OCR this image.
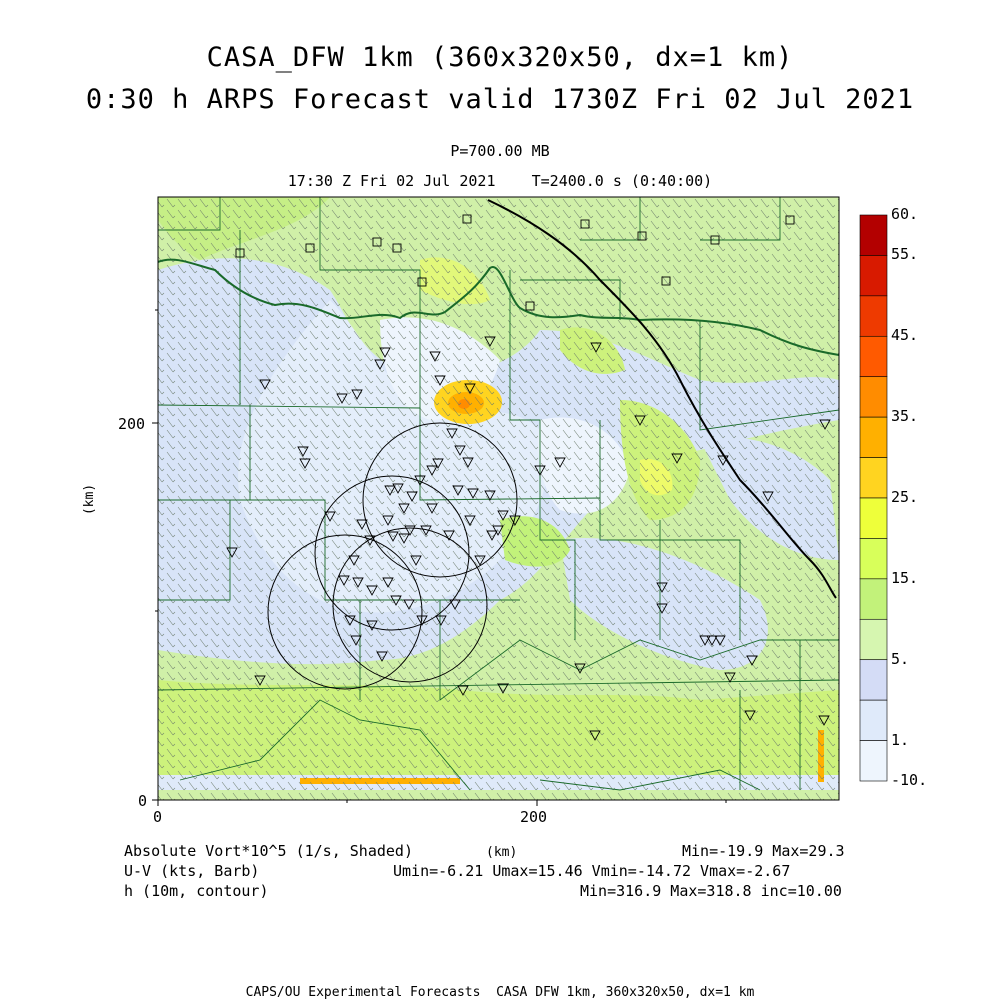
CASA_DFW 1km (360x320x50, dx=1 km)
0:30 h ARPS Forecast valid 1730Z Fri 02 Jul 2021
P=700.00 MB
17:30 Z Fri 02 Jul 2021    T=2400.0 s (0:40:00)
0	200
0
200
(km)
60.
55.
45.
35.
25.
15.
5.
1.
-10.
Absolute Vort*10^5 (1/s, Shaded)	(km)	Min=-19.9 Max=29.3
U-V (kts, Barb)	Umin=-6.21 Umax=15.46 Vmin=-14.72 Vmax=-2.67
h (10m, contour)	Min=316.9 Max=318.8 inc=10.00
CAPS/OU Experimental Forecasts  CASA DFW 1km, 360x320x50, dx=1 km
